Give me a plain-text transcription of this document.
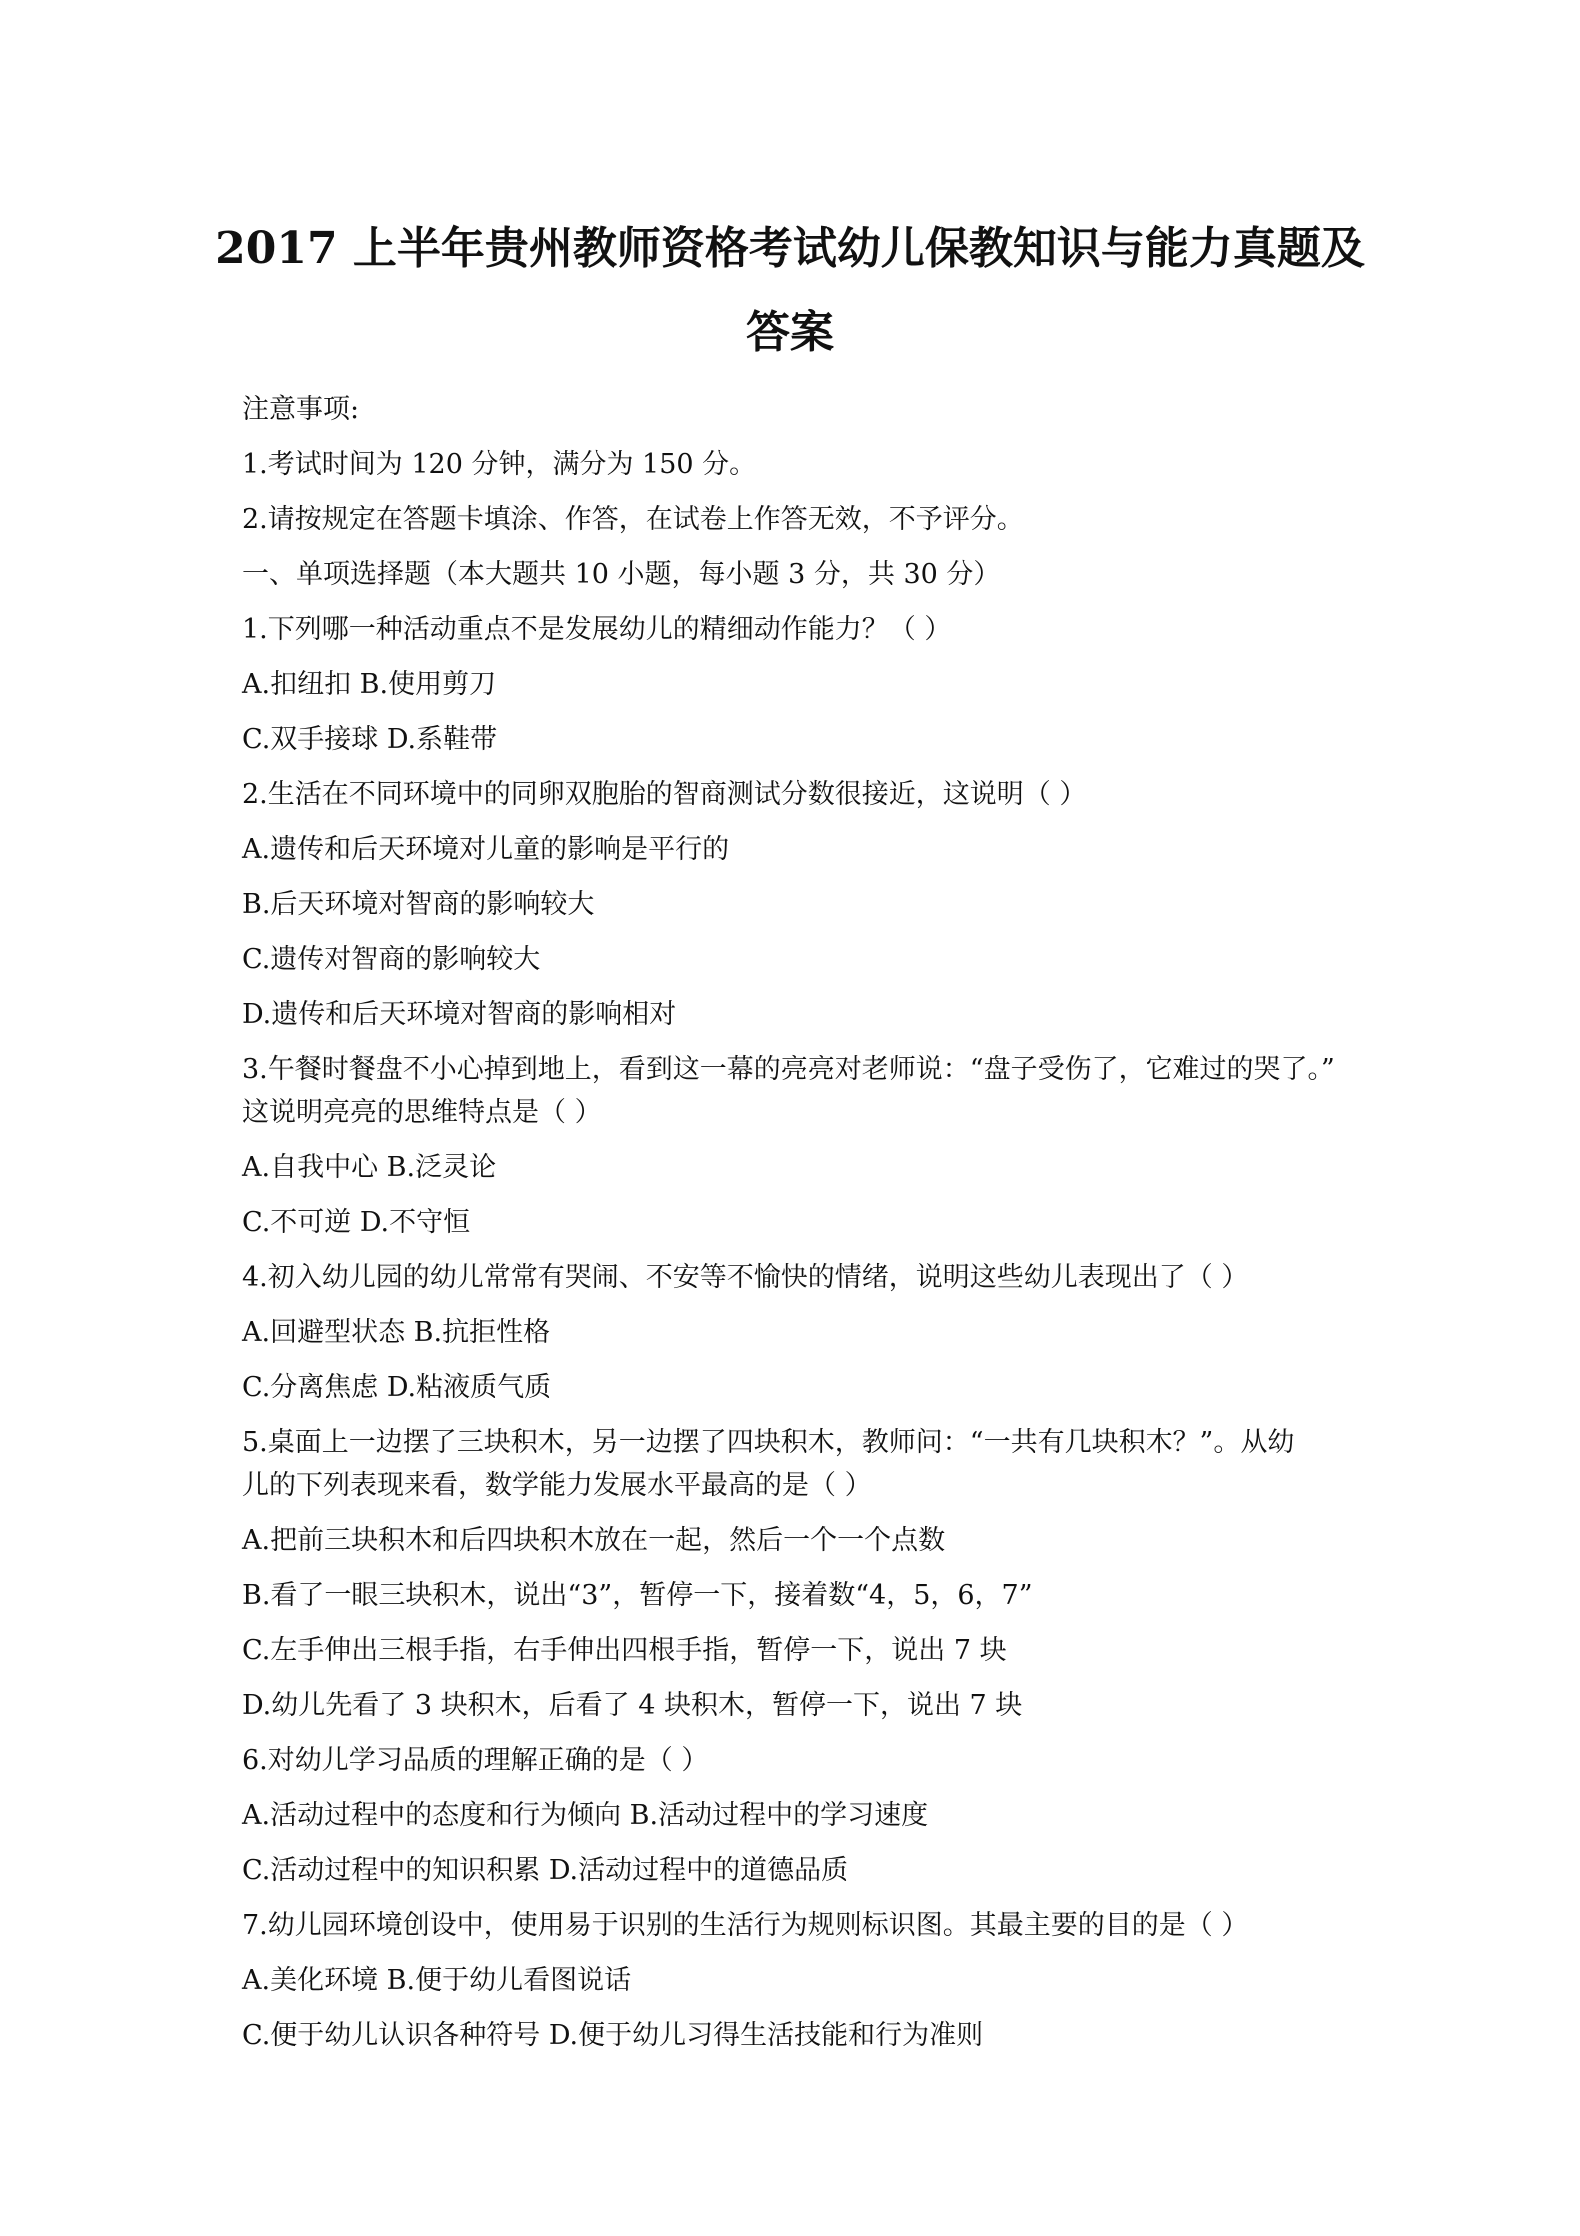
2017 上半年贵州教师资格考试幼儿保教知识与能力真题及
答案
注意事项:
1.考试时间为 120 分钟，满分为 150 分。
2.请按规定在答题卡填涂、作答，在试卷上作答无效，不予评分。
一、单项选择题（本大题共 10 小题，每小题 3 分，共 30 分）
1.下列哪一种活动重点不是发展幼儿的精细动作能力？（ ）
A.扣纽扣 B.使用剪刀
C.双手接球 D.系鞋带
2.生活在不同环境中的同卵双胞胎的智商测试分数很接近，这说明（ ）
A.遗传和后天环境对儿童的影响是平行的
B.后天环境对智商的影响较大
C.遗传对智商的影响较大
D.遗传和后天环境对智商的影响相对
3.午餐时餐盘不小心掉到地上，看到这一幕的亮亮对老师说：“盘子受伤了，它难过的哭了。”
这说明亮亮的思维特点是（ ）
A.自我中心 B.泛灵论
C.不可逆 D.不守恒
4.初入幼儿园的幼儿常常有哭闹、不安等不愉快的情绪，说明这些幼儿表现出了（ ）
A.回避型状态 B.抗拒性格
C.分离焦虑 D.粘液质气质
5.桌面上一边摆了三块积木，另一边摆了四块积木，教师问：“一共有几块积木？”。从幼
儿的下列表现来看，数学能力发展水平最高的是（ ）
A.把前三块积木和后四块积木放在一起，然后一个一个点数
B.看了一眼三块积木，说出“3”，暂停一下，接着数“4，5，6，7”
C.左手伸出三根手指，右手伸出四根手指，暂停一下，说出 7 块
D.幼儿先看了 3 块积木，后看了 4 块积木，暂停一下，说出 7 块
6.对幼儿学习品质的理解正确的是（ ）
A.活动过程中的态度和行为倾向 B.活动过程中的学习速度
C.活动过程中的知识积累 D.活动过程中的道德品质
7.幼儿园环境创设中，使用易于识别的生活行为规则标识图。其最主要的目的是（ ）
A.美化环境 B.便于幼儿看图说话
C.便于幼儿认识各种符号 D.便于幼儿习得生活技能和行为准则
